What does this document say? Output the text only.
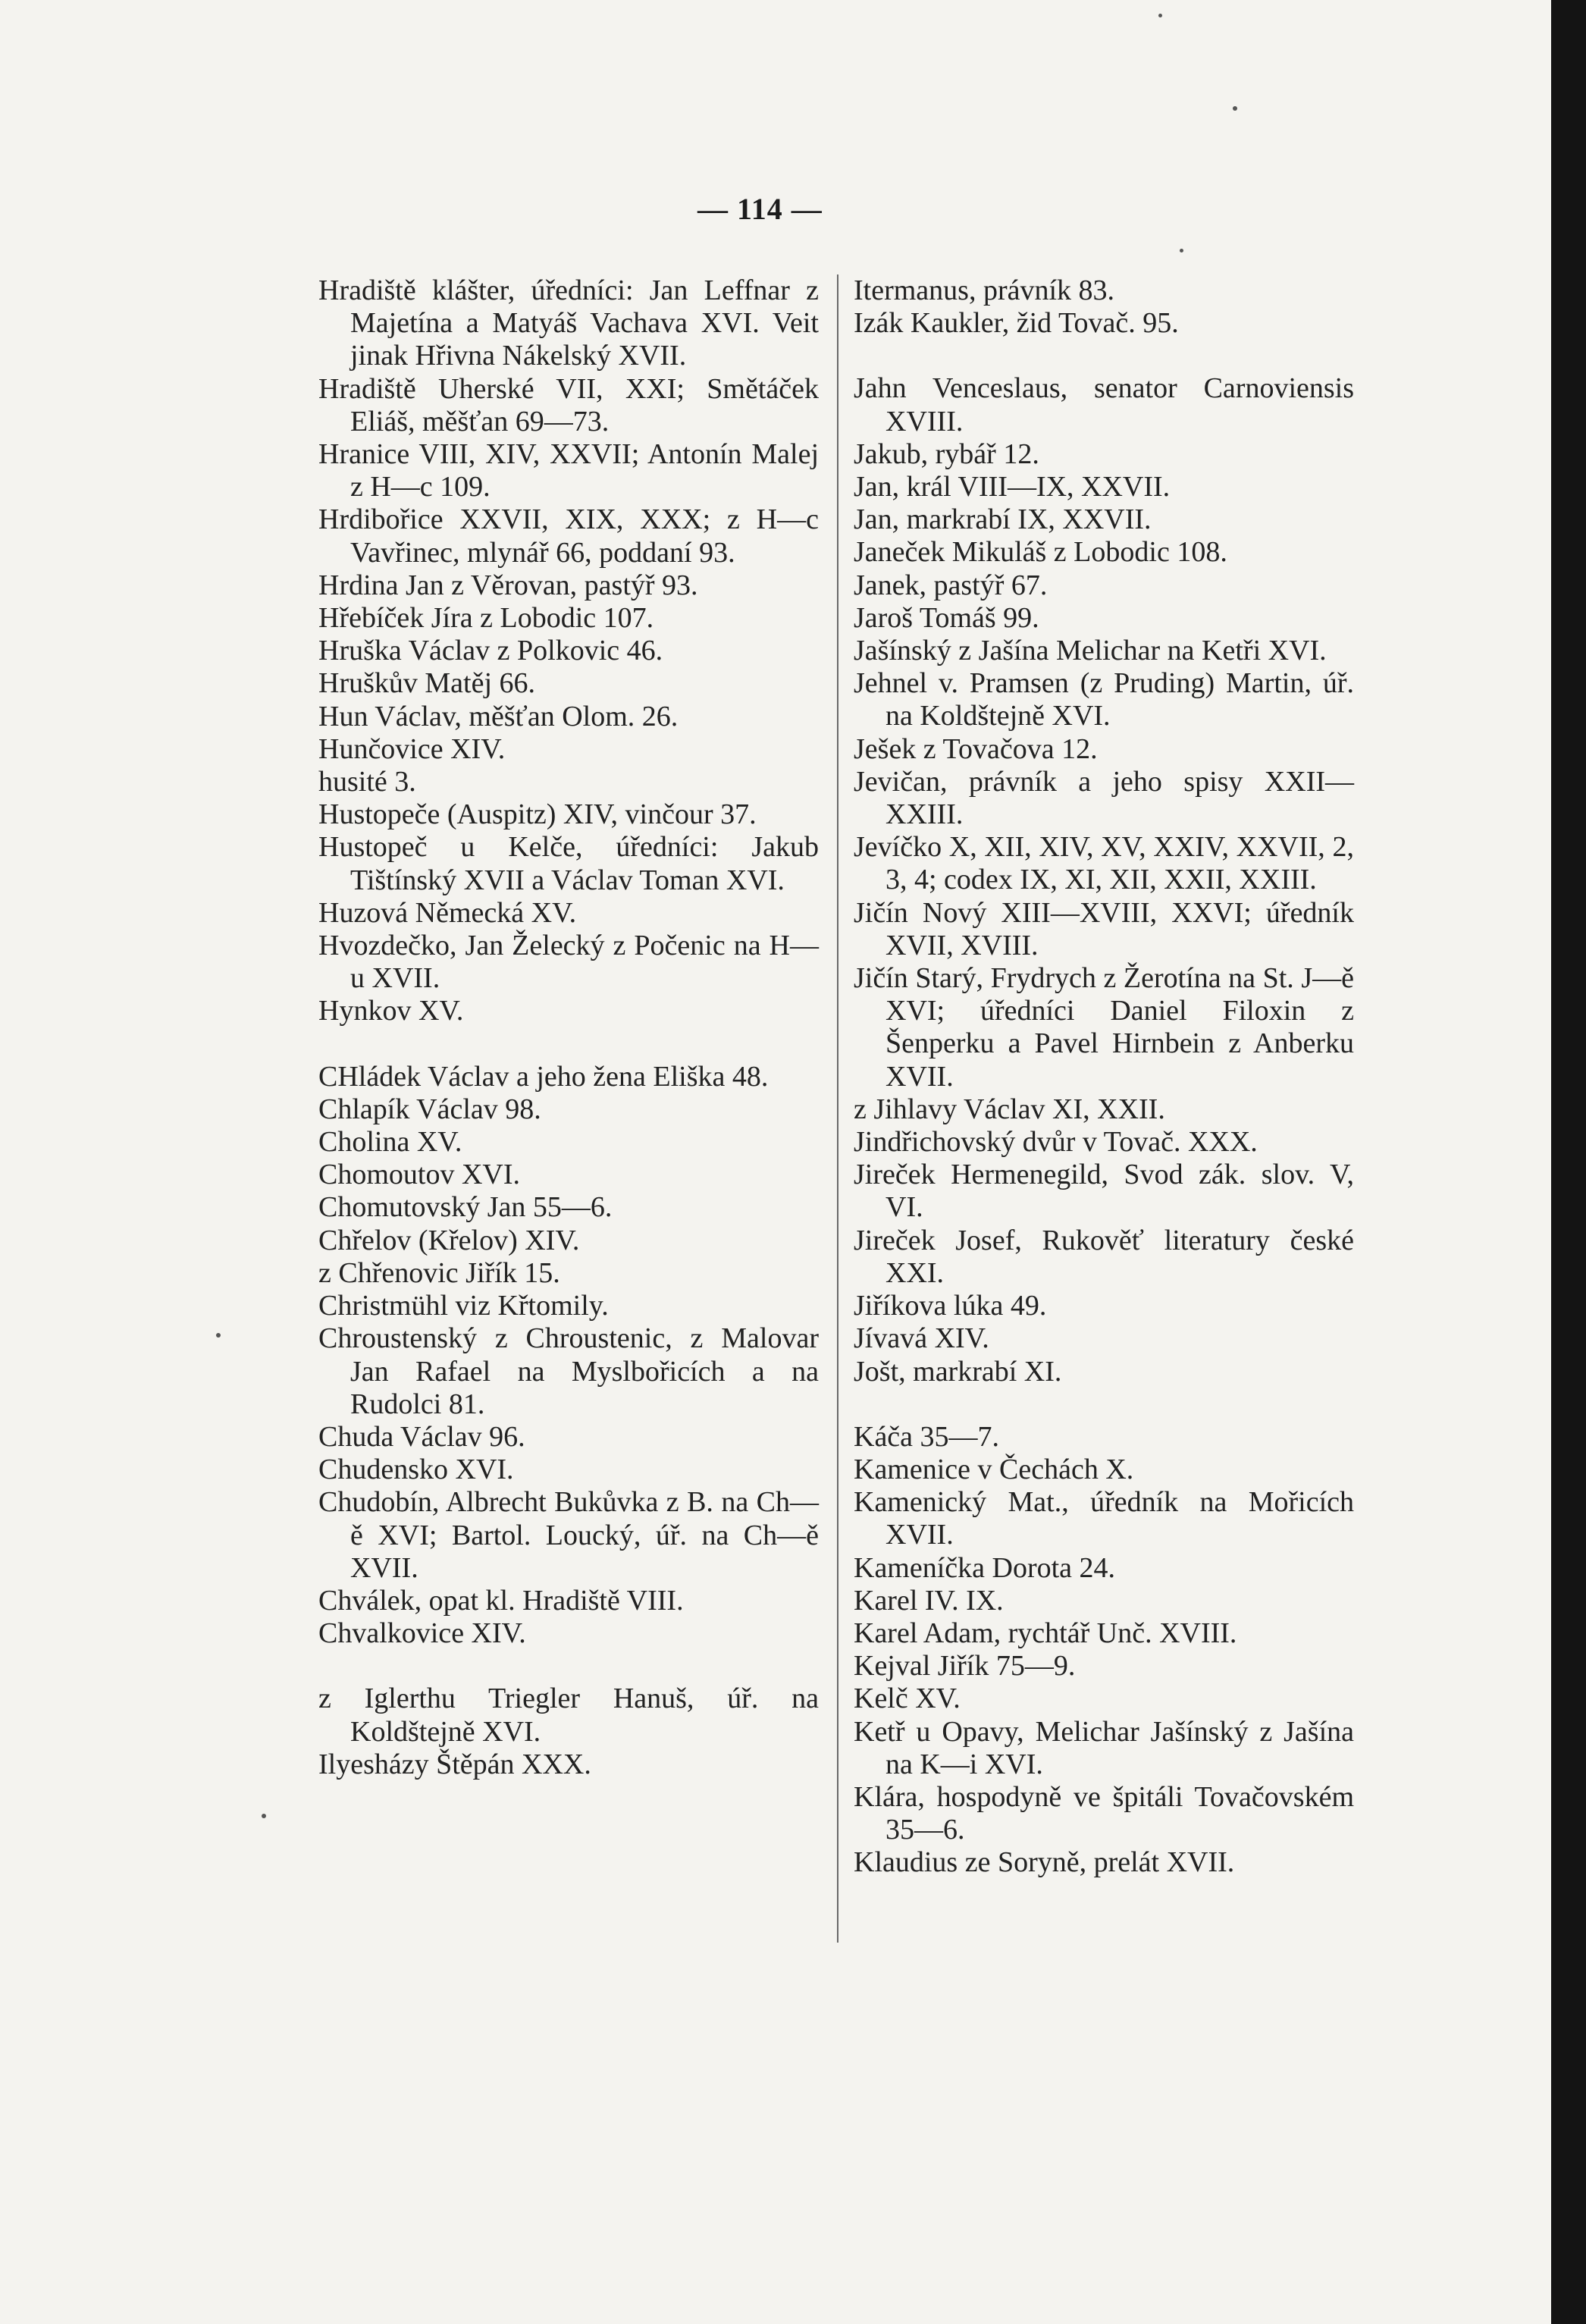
— 114 —
Hradiště klášter, úředníci: Jan Leffnar z Majetína a Matyáš Vachava XVI. Veit jinak Hřivna Nákelský XVII.
Hradiště Uherské VII, XXI; Smětáček Eliáš, měšťan 69—73.
Hranice VIII, XIV, XXVII; Antonín Malej z H—c 109.
Hrdibořice XXVII, XIX, XXX; z H—c Vavřinec, mlynář 66, poddaní 93.
Hrdina Jan z Věrovan, pastýř 93.
Hřebíček Jíra z Lobodic 107.
Hruška Václav z Polkovic 46.
Hruškův Matěj 66.
Hun Václav, měšťan Olom. 26.
Hunčovice XIV.
husité 3.
Hustopeče (Auspitz) XIV, vinčour 37.
Hustopeč u Kelče, úředníci: Jakub Tištínský XVII a Václav Toman XVI.
Huzová Německá XV.
Hvozdečko, Jan Želecký z Počenic na H—u XVII.
Hynkov XV.
CHládek Václav a jeho žena Eliška 48.
Chlapík Václav 98.
Cholina XV.
Chomoutov XVI.
Chomutovský Jan 55—6.
Chřelov (Křelov) XIV.
z Chřenovic Jiřík 15.
Christmühl viz Křtomily.
Chroustenský z Chroustenic, z Malovar Jan Rafael na Myslbořicích a na Rudolci 81.
Chuda Václav 96.
Chudensko XVI.
Chudobín, Albrecht Bukůvka z B. na Ch—ě XVI; Bartol. Loucký, úř. na Ch—ě XVII.
Chválek, opat kl. Hradiště VIII.
Chvalkovice XIV.
z Iglerthu Triegler Hanuš, úř. na Koldštejně XVI.
Ilyesházy Štěpán XXX.
Itermanus, právník 83.
Izák Kaukler, žid Tovač. 95.
Jahn Venceslaus, senator Carnoviensis XVIII.
Jakub, rybář 12.
Jan, král VIII—IX, XXVII.
Jan, markrabí IX, XXVII.
Janeček Mikuláš z Lobodic 108.
Janek, pastýř 67.
Jaroš Tomáš 99.
Jašínský z Jašína Melichar na Ketři XVI.
Jehnel v. Pramsen (z Pruding) Martin, úř. na Koldštejně XVI.
Ješek z Tovačova 12.
Jevičan, právník a jeho spisy XXII—XXIII.
Jevíčko X, XII, XIV, XV, XXIV, XXVII, 2, 3, 4; codex IX, XI, XII, XXII, XXIII.
Jičín Nový XIII—XVIII, XXVI; úředník XVII, XVIII.
Jičín Starý, Frydrych z Žerotína na St. J—ě XVI; úředníci Daniel Filoxin z Šenperku a Pavel Hirnbein z Anberku XVII.
z Jihlavy Václav XI, XXII.
Jindřichovský dvůr v Tovač. XXX.
Jireček Hermenegild, Svod zák. slov. V, VI.
Jireček Josef, Rukověť literatury české XXI.
Jiříkova lúka 49.
Jívavá XIV.
Jošt, markrabí XI.
Káča 35—7.
Kamenice v Čechách X.
Kamenický Mat., úředník na Mořicích XVII.
Kameníčka Dorota 24.
Karel IV. IX.
Karel Adam, rychtář Unč. XVIII.
Kejval Jiřík 75—9.
Kelč XV.
Ketř u Opavy, Melichar Jašínský z Jašína na K—i XVI.
Klára, hospodyně ve špitáli Tovačovském 35—6.
Klaudius ze Soryně, prelát XVII.
